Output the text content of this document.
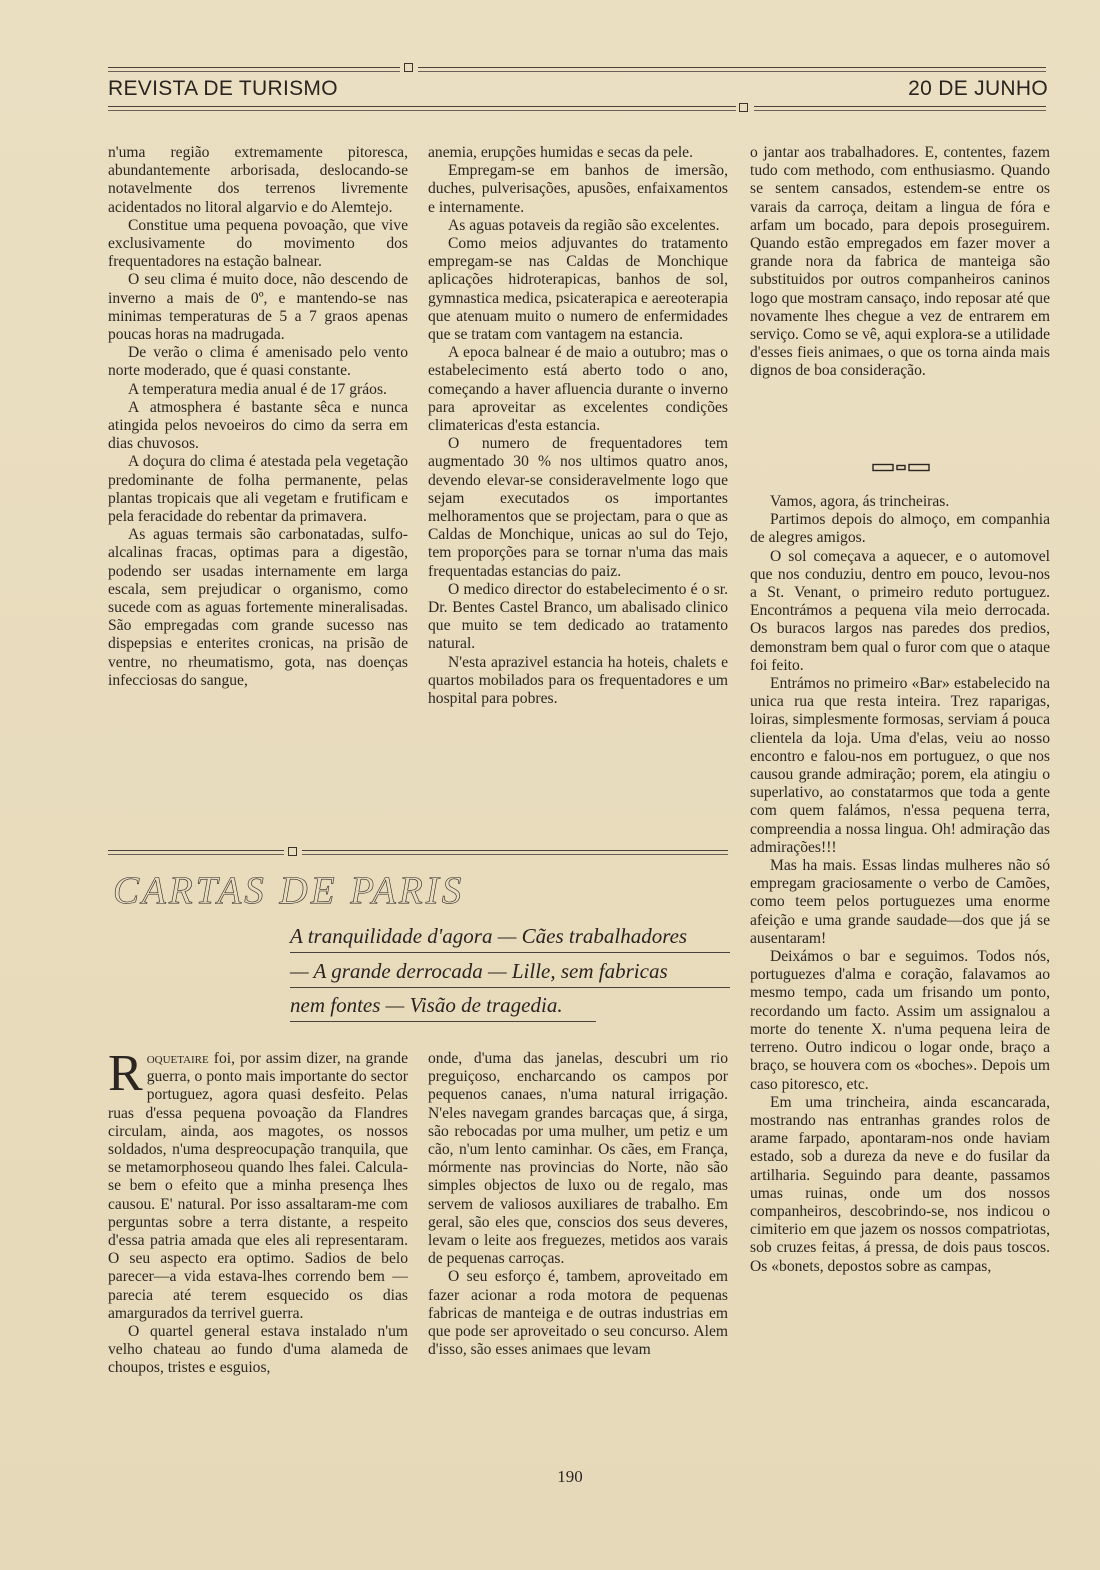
REVISTA DE TURISMO	20 DE JUNHO

n'uma região extremamente pitoresca, abundantemente arborisada, deslocando-se notavelmente dos terrenos livremente acidentados no litoral algarvio e do Alemtejo.

Constitue uma pequena povoação, que vive exclusivamente do movimento dos frequentadores na estação balnear.

O seu clima é muito doce, não descendo de inverno a mais de 0º, e mantendo-se nas minimas temperaturas de 5 a 7 graos apenas poucas horas na madrugada.

De verão o clima é amenisado pelo vento norte moderado, que é quasi constante.

A temperatura media anual é de 17 gráos.

A atmosphera é bastante sêca e nunca atingida pelos nevoeiros do cimo da serra em dias chuvosos.

A doçura do clima é atestada pela vegetação predominante de folha permanente, pelas plantas tropicais que ali vegetam e frutificam e pela feracidade do rebentar da primavera.

As aguas termais são carbonatadas, sulfo-alcalinas fracas, optimas para a digestão, podendo ser usadas internamente em larga escala, sem prejudicar o organismo, como sucede com as aguas fortemente mineralisadas. São empregadas com grande sucesso nas dispepsias e enterites cronicas, na prisão de ventre, no rheumatismo, gota, nas doenças infecciosas do sangue,

anemia, erupções humidas e secas da pele.

Empregam-se em banhos de imersão, duches, pulverisações, apusões, enfaixamentos e internamente.

As aguas potaveis da região são excelentes.

Como meios adjuvantes do tratamento empregam-se nas Caldas de Monchique aplicações hidroterapicas, banhos de sol, gymnastica medica, psicaterapica e aereoterapia que atenuam muito o numero de enfermidades que se tratam com vantagem na estancia.

A epoca balnear é de maio a outubro; mas o estabelecimento está aberto todo o ano, começando a haver afluencia durante o inverno para aproveitar as excelentes condições climatericas d'esta estancia.

O numero de frequentadores tem augmentado 30 % nos ultimos quatro anos, devendo elevar-se consideravelmente logo que sejam executados os importantes melhoramentos que se projectam, para o que as Caldas de Monchique, unicas ao sul do Tejo, tem proporções para se tornar n'uma das mais frequentadas estancias do paiz.

O medico director do estabelecimento é o sr. Dr. Bentes Castel Branco, um abalisado clinico que muito se tem dedicado ao tratamento natural.

N'esta aprazivel estancia ha hoteis, chalets e quartos mobilados para os frequentadores e um hospital para pobres.

o jantar aos trabalhadores. E, contentes, fazem tudo com methodo, com enthusiasmo. Quando se sentem cansados, estendem-se entre os varais da carroça, deitam a lingua de fóra e arfam um bocado, para depois proseguirem. Quando estão empregados em fazer mover a grande nora da fabrica de manteiga são substituidos por outros companheiros caninos logo que mostram cansaço, indo reposar até que novamente lhes chegue a vez de entrarem em serviço. Como se vê, aqui explora-se a utilidade d'esses fieis animaes, o que os torna ainda mais dignos de boa consideração.

Vamos, agora, ás trincheiras.

Partimos depois do almoço, em companhia de alegres amigos.

O sol começava a aquecer, e o automovel que nos conduziu, dentro em pouco, levou-nos a St. Venant, o primeiro reduto portuguez. Encontrámos a pequena vila meio derrocada. Os buracos largos nas paredes dos predios, demonstram bem qual o furor com que o ataque foi feito.

Entrámos no primeiro «Bar» estabelecido na unica rua que resta inteira. Trez raparigas, loiras, simplesmente formosas, serviam á pouca clientela da loja. Uma d'elas, veiu ao nosso encontro e falou-nos em portuguez, o que nos causou grande admiração; porem, ela atingiu o superlativo, ao constatarmos que toda a gente com quem falámos, n'essa pequena terra, compreendia a nossa lingua. Oh! admiração das admirações!!!

Mas ha mais. Essas lindas mulheres não só empregam graciosamente o verbo de Camões, como teem pelos portuguezes uma enorme afeição e uma grande saudade—dos que já se ausentaram!

Deixámos o bar e seguimos. Todos nós, portuguezes d'alma e coração, falavamos ao mesmo tempo, cada um frisando um ponto, recordando um facto. Assim um assignalou a morte do tenente X. n'uma pequena leira de terreno. Outro indicou o logar onde, braço a braço, se houvera com os «boches». Depois um caso pitoresco, etc.

Em uma trincheira, ainda escancarada, mostrando nas entranhas grandes rolos de arame farpado, apontaram-nos onde haviam estado, sob a dureza da neve e do fusilar da artilharia. Seguindo para deante, passamos umas ruinas, onde um dos nossos companheiros, descobrindo-se, nos indicou o cimiterio em que jazem os nossos compatriotas, sob cruzes feitas, á pressa, de dois paus toscos. Os «bonets, depostos sobre as campas,

CARTAS DE PARIS
A tranquilidade d'agora — Cães trabalhadores
— A grande derrocada — Lille, sem fabricas
nem fontes — Visão de tragedia.

Roquetaire foi, por assim dizer, na grande guerra, o ponto mais importante do sector portuguez, agora quasi desfeito. Pelas ruas d'essa pequena povoação da Flandres circulam, ainda, aos magotes, os nossos soldados, n'uma despreocupação tranquila, que se metamorphoseou quando lhes falei. Calcula-se bem o efeito que a minha presença lhes causou. E' natural. Por isso assaltaram-me com perguntas sobre a terra distante, a respeito d'essa patria amada que eles ali representaram. O seu aspecto era optimo. Sadios de belo parecer—a vida estava-lhes correndo bem — parecia até terem esquecido os dias amargurados da terrivel guerra.

O quartel general estava instalado n'um velho chateau ao fundo d'uma alameda de choupos, tristes e esguios,

onde, d'uma das janelas, descubri um rio preguiçoso, encharcando os campos por pequenos canaes, n'uma natural irrigação. N'eles navegam grandes barcaças que, á sirga, são rebocadas por uma mulher, um petiz e um cão, n'um lento caminhar. Os cães, em França, mórmente nas provincias do Norte, não são simples objectos de luxo ou de regalo, mas servem de valiosos auxiliares de trabalho. Em geral, são eles que, conscios dos seus deveres, levam o leite aos freguezes, metidos aos varais de pequenas carroças.

O seu esforço é, tambem, aproveitado em fazer acionar a roda motora de pequenas fabricas de manteiga e de outras industrias em que pode ser aproveitado o seu concurso. Alem d'isso, são esses animaes que levam

190
